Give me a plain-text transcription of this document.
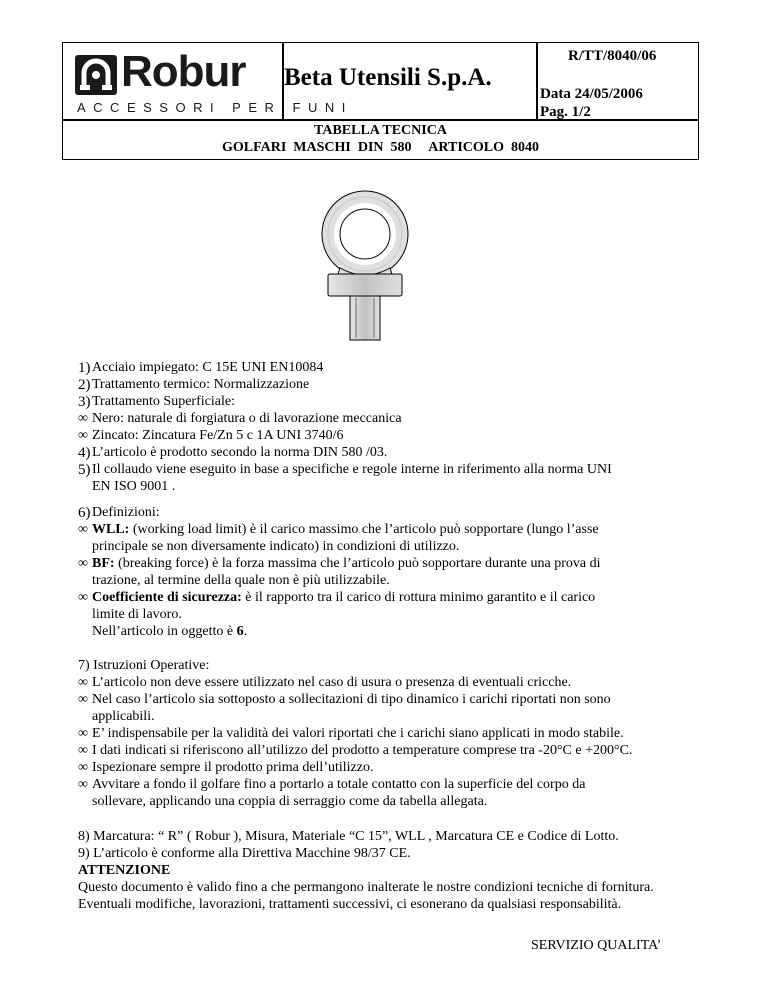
Robur
ACCESSORI PER FUNI
Beta Utensili S.p.A.
R/TT/8040/06
Data 24/05/2006
Pag. 1/2
TABELLA TECNICA
GOLFARI  MASCHI  DIN  580     ARTICOLO  8040
1) Acciaio impiegato: C 15E UNI EN10084
2) Trattamento termico: Normalizzazione
3) Trattamento Superficiale:
∞ Nero: naturale di forgiatura o di lavorazione meccanica
∞ Zincato: Zincatura Fe/Zn 5 c 1A UNI 3740/6
4) L’articolo è prodotto secondo la norma DIN 580 /03.
5) Il collaudo viene eseguito in base a specifiche e regole interne in riferimento alla norma UNI
EN ISO 9001 .
6) Definizioni:
∞ WLL: (working load limit) è il carico massimo che l’articolo può sopportare (lungo l’asse
principale se non diversamente indicato) in condizioni di utilizzo.
∞ BF: (breaking force) è la forza massima che l’articolo può sopportare durante una prova di
trazione, al termine della quale non è più utilizzabile.
∞ Coefficiente di sicurezza: è il rapporto tra il carico di rottura minimo garantito e il carico
limite di lavoro.
Nell’articolo in oggetto è 6.
7) Istruzioni Operative:
∞ L’articolo non deve essere utilizzato nel caso di usura o presenza di eventuali cricche.
∞ Nel caso l’articolo sia sottoposto a sollecitazioni di tipo dinamico i carichi riportati non sono
applicabili.
∞ E’ indispensabile per la validità dei valori riportati che i carichi siano applicati in modo stabile.
∞ I dati indicati si riferiscono all’utilizzo del prodotto a temperature comprese tra -20°C e +200°C.
∞ Ispezionare sempre il prodotto prima dell’utilizzo.
∞ Avvitare a fondo il golfare fino a portarlo a totale contatto con la superficie del corpo da
sollevare, applicando una coppia di serraggio come da tabella allegata.
8) Marcatura: “ R” ( Robur ), Misura, Materiale “C 15”, WLL , Marcatura CE e Codice di Lotto.
9) L’articolo è conforme alla Direttiva Macchine 98/37 CE.
ATTENZIONE
Questo documento è valido fino a che permangono inalterate le nostre condizioni tecniche di fornitura.
Eventuali modifiche, lavorazioni, trattamenti successivi, ci esonerano da qualsiasi responsabilità.
SERVIZIO QUALITA’
